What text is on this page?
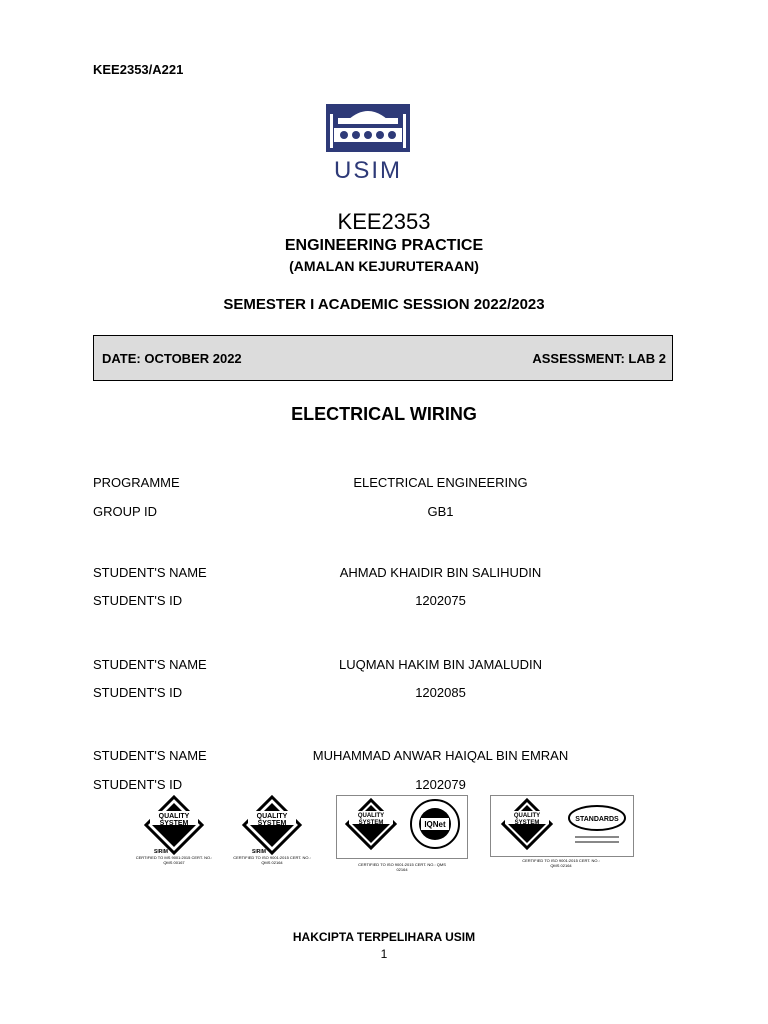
KEE2353/A221
USIM
KEE2353
ENGINEERING PRACTICE
(AMALAN KEJURUTERAAN)
SEMESTER I ACADEMIC SESSION 2022/2023
DATE: OCTOBER 2022	ASSESSMENT: LAB 2
ELECTRICAL WIRING
PROGRAMME	ELECTRICAL ENGINEERING
GROUP ID	GB1
STUDENT'S NAME	AHMAD KHAIDIR BIN SALIHUDIN
STUDENT'S ID	1202075
STUDENT'S NAME	LUQMAN HAKIM BIN JAMALUDIN
STUDENT'S ID	1202085
STUDENT'S NAME	MUHAMMAD ANWAR HAIQAL BIN EMRAN
STUDENT'S ID	1202079
QUALITY
SYSTEM
SIRIM
CERTIFIED TO MS 9001:2015 CERT. NO.: QMS 00167
QUALITY
SYSTEM
SIRIM
CERTIFIED TO ISO 9001:2015 CERT. NO.: QMS 02164
QUALITY
SYSTEM	IQNet
CERTIFIED TO ISO 9001:2015 CERT. NO.: QMS 02164
QUALITY
SYSTEM	STANDARDS
CERTIFIED TO ISO 9001:2015 CERT. NO.: QMS 02164
HAKCIPTA TERPELIHARA USIM
1
